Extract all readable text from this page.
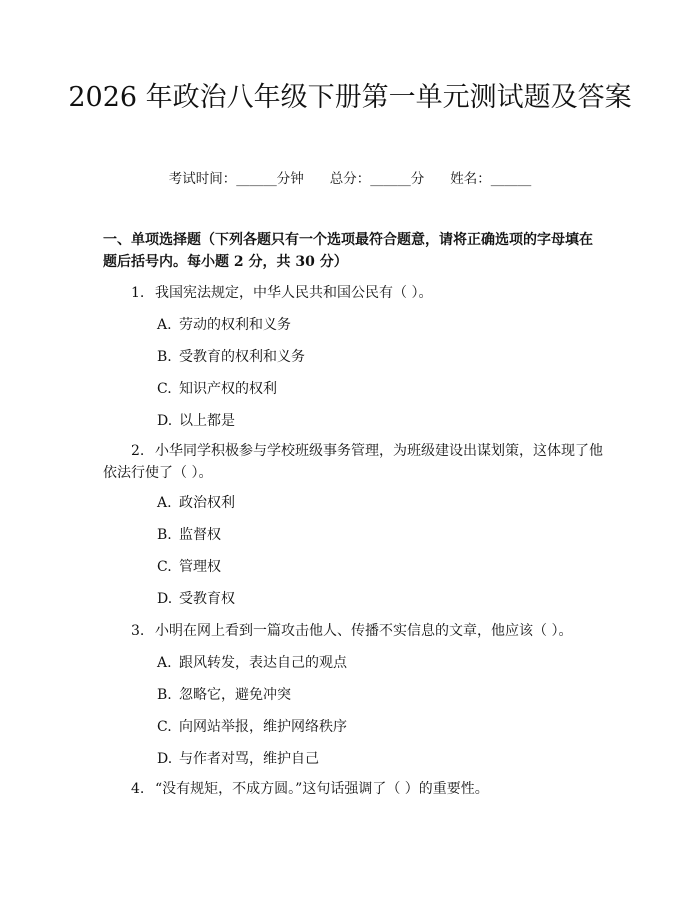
2026 年政治八年级下册第一单元测试题及答案
考试时间：______分钟 总分：______分 姓名：______

一、单项选择题（下列各题只有一个选项最符合题意，请将正确选项的字母填在题后括号内。每小题 2 分，共 30 分）

1. 我国宪法规定，中华人民共和国公民有（ ）。

A. 劳动的权利和义务

B. 受教育的权利和义务

C. 知识产权的权利

D. 以上都是

2. 小华同学积极参与学校班级事务管理，为班级建设出谋划策，这体现了他依法行使了（ ）。

A. 政治权利

B. 监督权

C. 管理权

D. 受教育权

3. 小明在网上看到一篇攻击他人、传播不实信息的文章，他应该（ ）。

A. 跟风转发，表达自己的观点

B. 忽略它，避免冲突

C. 向网站举报，维护网络秩序

D. 与作者对骂，维护自己

4. “没有规矩，不成方圆。”这句话强调了（ ）的重要性。
